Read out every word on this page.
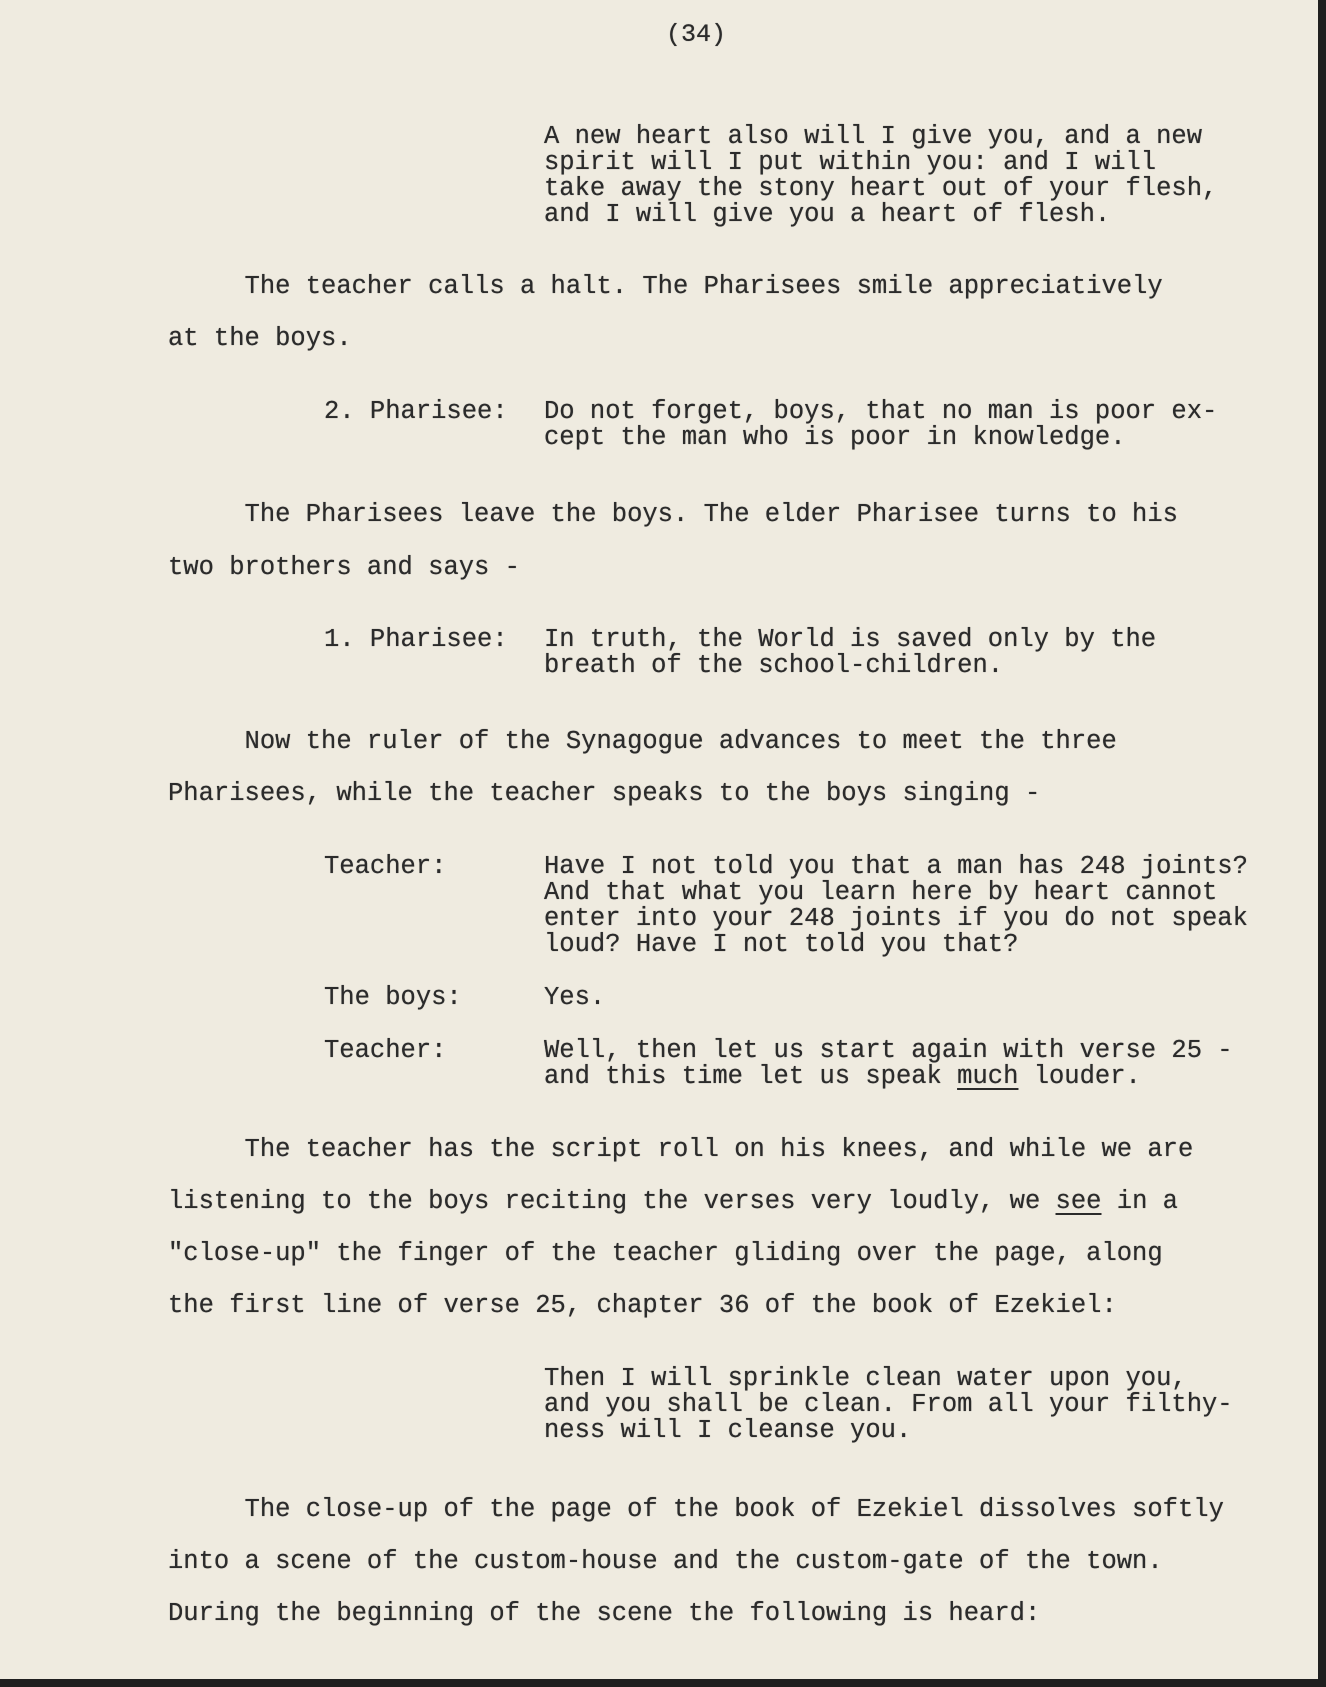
(34)
A new heart also will I give you, and a new
spirit will I put within you: and I will
take away the stony heart out of your flesh,
and I will give you a heart of flesh.
The teacher calls a halt. The Pharisees smile appreciatively
at the boys.
2. Pharisee: Do not forget, boys, that no man is poor ex-
cept the man who is poor in knowledge.
The Pharisees leave the boys. The elder Pharisee turns to his
two brothers and says -
1. Pharisee: In truth, the World is saved only by the
breath of the school-children.
Now the ruler of the Synagogue advances to meet the three
Pharisees, while the teacher speaks to the boys singing -
Teacher:	Have I not told you that a man has 248 joints?
And that what you learn here by heart cannot
enter into your 248 joints if you do not speak
loud? Have I not told you that?
The boys:	Yes.
Teacher:	Well, then let us start again with verse 25 -
and this time let us speak much louder.
The teacher has the script roll on his knees, and while we are
listening to the boys reciting the verses very loudly, we see in a
"close-up" the finger of the teacher gliding over the page, along
the first line of verse 25, chapter 36 of the book of Ezekiel:
Then I will sprinkle clean water upon you,
and you shall be clean. From all your filthy-
ness will I cleanse you.
The close-up of the page of the book of Ezekiel dissolves softly
into a scene of the custom-house and the custom-gate of the town.
During the beginning of the scene the following is heard:
